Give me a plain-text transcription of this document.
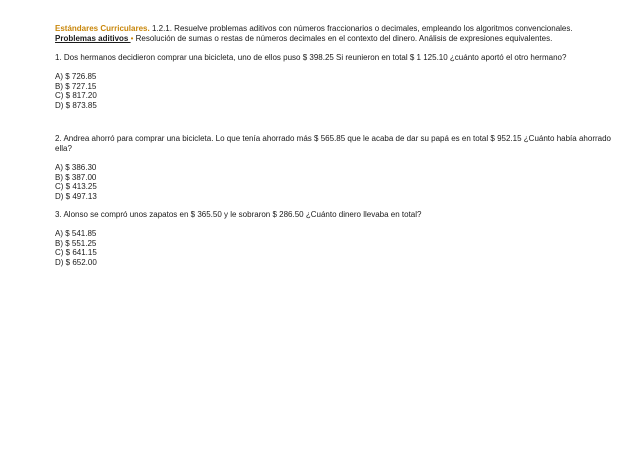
Estándares Curriculares. 1.2.1. Resuelve problemas aditivos con números fraccionarios o decimales, empleando los algoritmos convencionales.

Problemas aditivos • Resolución de sumas o restas de números decimales en el contexto del dinero. Análisis de expresiones equivalentes.

1. Dos hermanos decidieron comprar una bicicleta, uno de ellos puso $ 398.25 Si reunieron en total $ 1 125.10 ¿cuánto aportó el otro hermano?

A) $ 726.85
B) $ 727.15
C) $ 817.20
D) $ 873.85

2. Andrea ahorró para comprar una bicicleta. Lo que tenía ahorrado más $ 565.85 que le acaba de dar su papá es en total $ 952.15 ¿Cuánto había ahorrado ella?

A) $ 386.30
B) $ 387.00
C) $ 413.25
D) $ 497.13

3. Alonso se compró unos zapatos en $ 365.50 y le sobraron $ 286.50 ¿Cuánto dinero llevaba en total?

A) $ 541.85
B) $ 551.25
C) $ 641.15
D) $ 652.00
